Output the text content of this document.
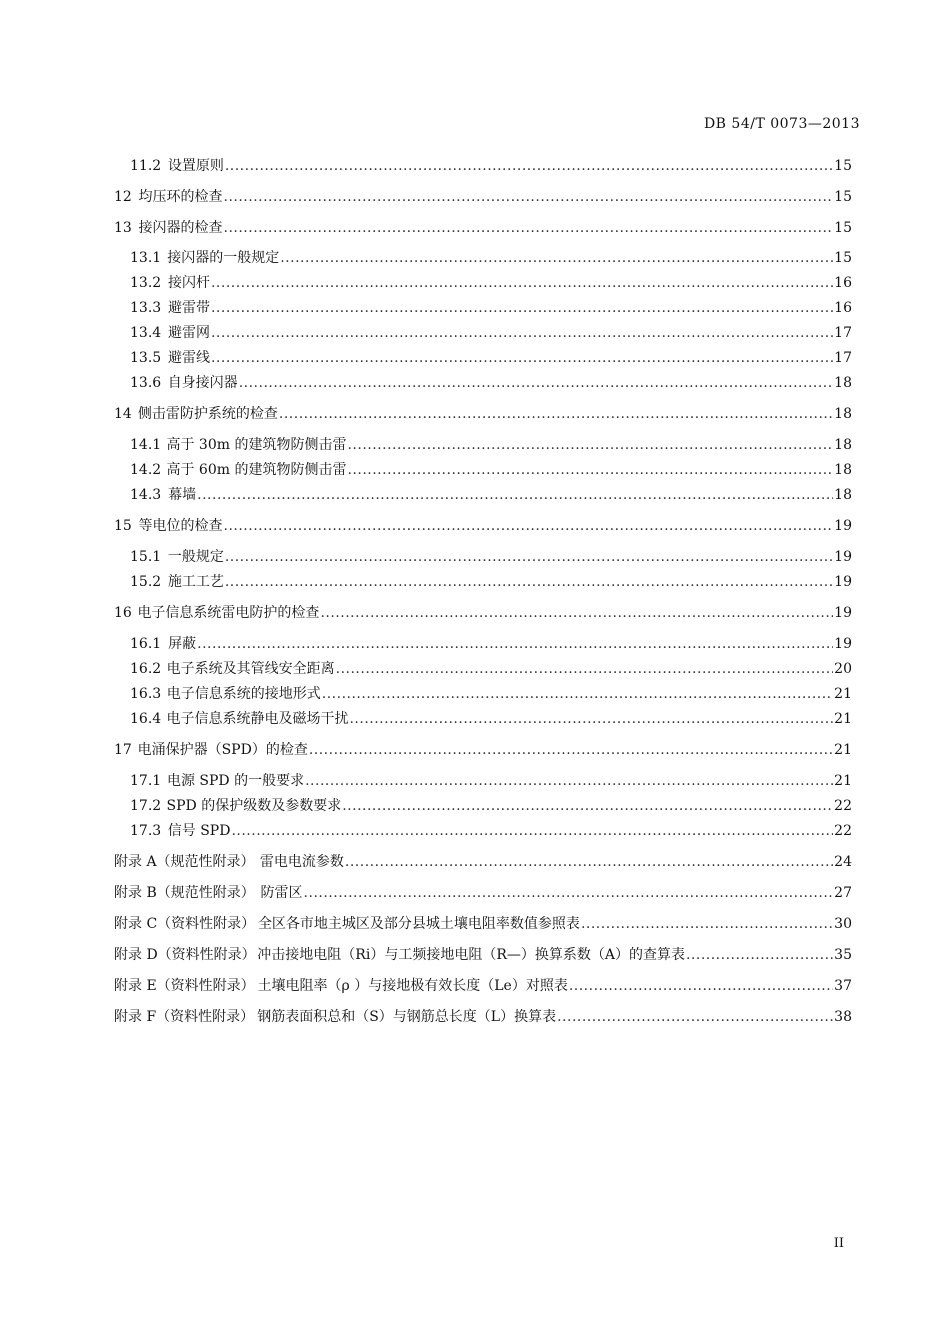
DB 54/T 0073—2013
11.2 设置原则 .....	15
12 均压环的检查 .....	15
13 接闪器的检查 .....	15
13.1 接闪器的一般规定 .....	15
13.2 接闪杆 .....	16
13.3 避雷带 .....	16
13.4 避雷网 .....	17
13.5 避雷线 .....	17
13.6 自身接闪器 .....	18
14 侧击雷防护系统的检查 .....	18
14.1 高于 30m 的建筑物防侧击雷 .....	18
14.2 高于 60m 的建筑物防侧击雷 .....	18
14.3 幕墙 .....	18
15 等电位的检查 .....	19
15.1 一般规定 .....	19
15.2 施工工艺 .....	19
16 电子信息系统雷电防护的检查 .....	19
16.1 屏蔽 .....	19
16.2 电子系统及其管线安全距离 .....	20
16.3 电子信息系统的接地形式 .....	21
16.4 电子信息系统静电及磁场干扰 .....	21
17 电涌保护器（SPD）的检查 .....	21
17.1 电源 SPD 的一般要求 .....	21
17.2 SPD 的保护级数及参数要求 .....	22
17.3 信号 SPD .....	22
附录 A（规范性附录） 雷电电流参数 .....	24
附录 B（规范性附录） 防雷区 .....	27
附录 C（资料性附录） 全区各市地主城区及部分县城土壤电阻率数值参照表 .....	30
附录 D（资料性附录） 冲击接地电阻（Ri）与工频接地电阻（R—）换算系数（A）的查算表 .....	35
附录 E（资料性附录） 土壤电阻率（ρ ）与接地极有效长度（Le）对照表 .....	37
附录 F（资料性附录） 钢筋表面积总和（S）与钢筋总长度（L）换算表 .....	38
II
